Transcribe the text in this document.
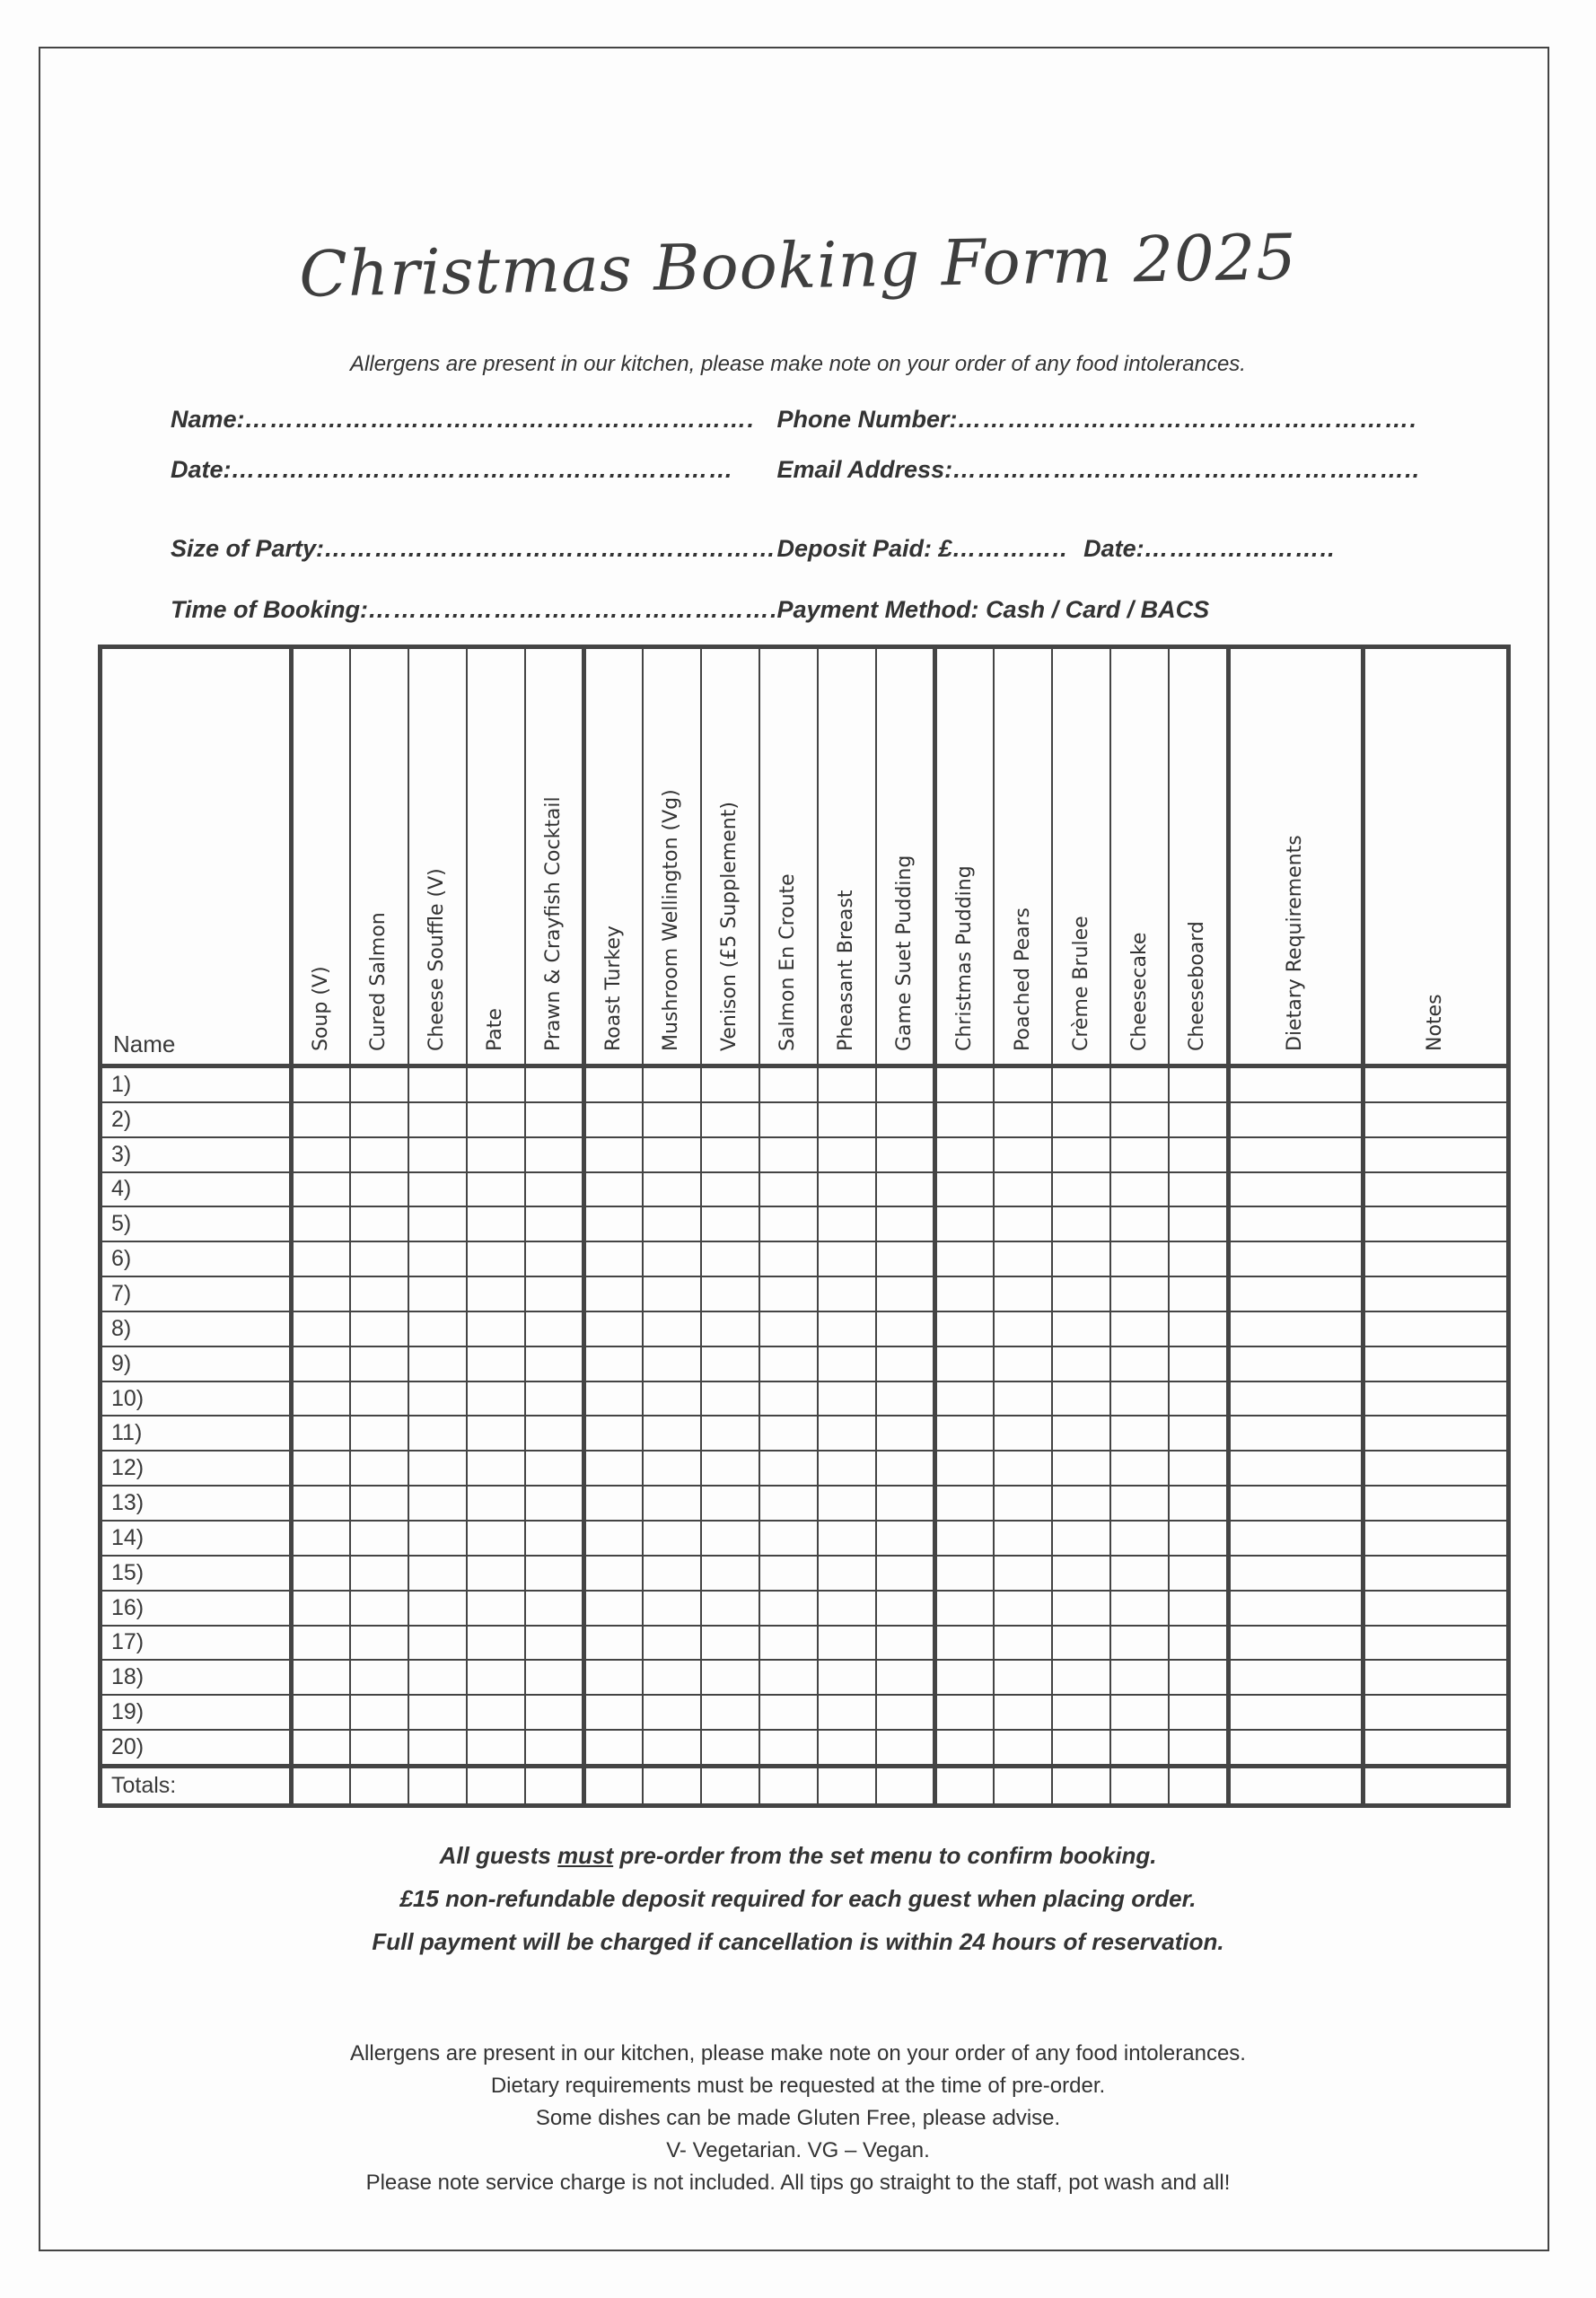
Christmas Booking Form 2025
Allergens are present in our kitchen, please make note on your order of any food intolerances.
Name:……………………………………………………. Phone Number:……………………………………………….
Date:…………………………………………………… Email Address:………………………………………………..
Size of Party:……………………………………………… Deposit Paid: £………….. Date:…………………..
Time of Booking:…………………………………………. Payment Method: Cash / Card / BACS
Name	Soup (V)	Cured Salmon	Cheese Souffle (V)	Pate	Prawn & Crayfish Cocktail	Roast Turkey	Mushroom Wellington (Vg)	Venison (£5 Supplement)	Salmon En Croute	Pheasant Breast	Game Suet Pudding	Christmas Pudding	Poached Pears	Crème Brulee	Cheesecake	Cheeseboard	Dietary Requirements	Notes

1)																		
2)																		
3)																		
4)																		
5)																		
6)																		
7)																		
8)																		
9)																		
10)																		
11)																		
12)																		
13)																		
14)																		
15)																		
16)																		
17)																		
18)																		
19)																		
20)																		
Totals:																		
All guests must pre-order from the set menu to confirm booking.
£15 non-refundable deposit required for each guest when placing order.
Full payment will be charged if cancellation is within 24 hours of reservation.
Allergens are present in our kitchen, please make note on your order of any food intolerances.
Dietary requirements must be requested at the time of pre-order.
Some dishes can be made Gluten Free, please advise.
V- Vegetarian. VG – Vegan.
Please note service charge is not included. All tips go straight to the staff, pot wash and all!
